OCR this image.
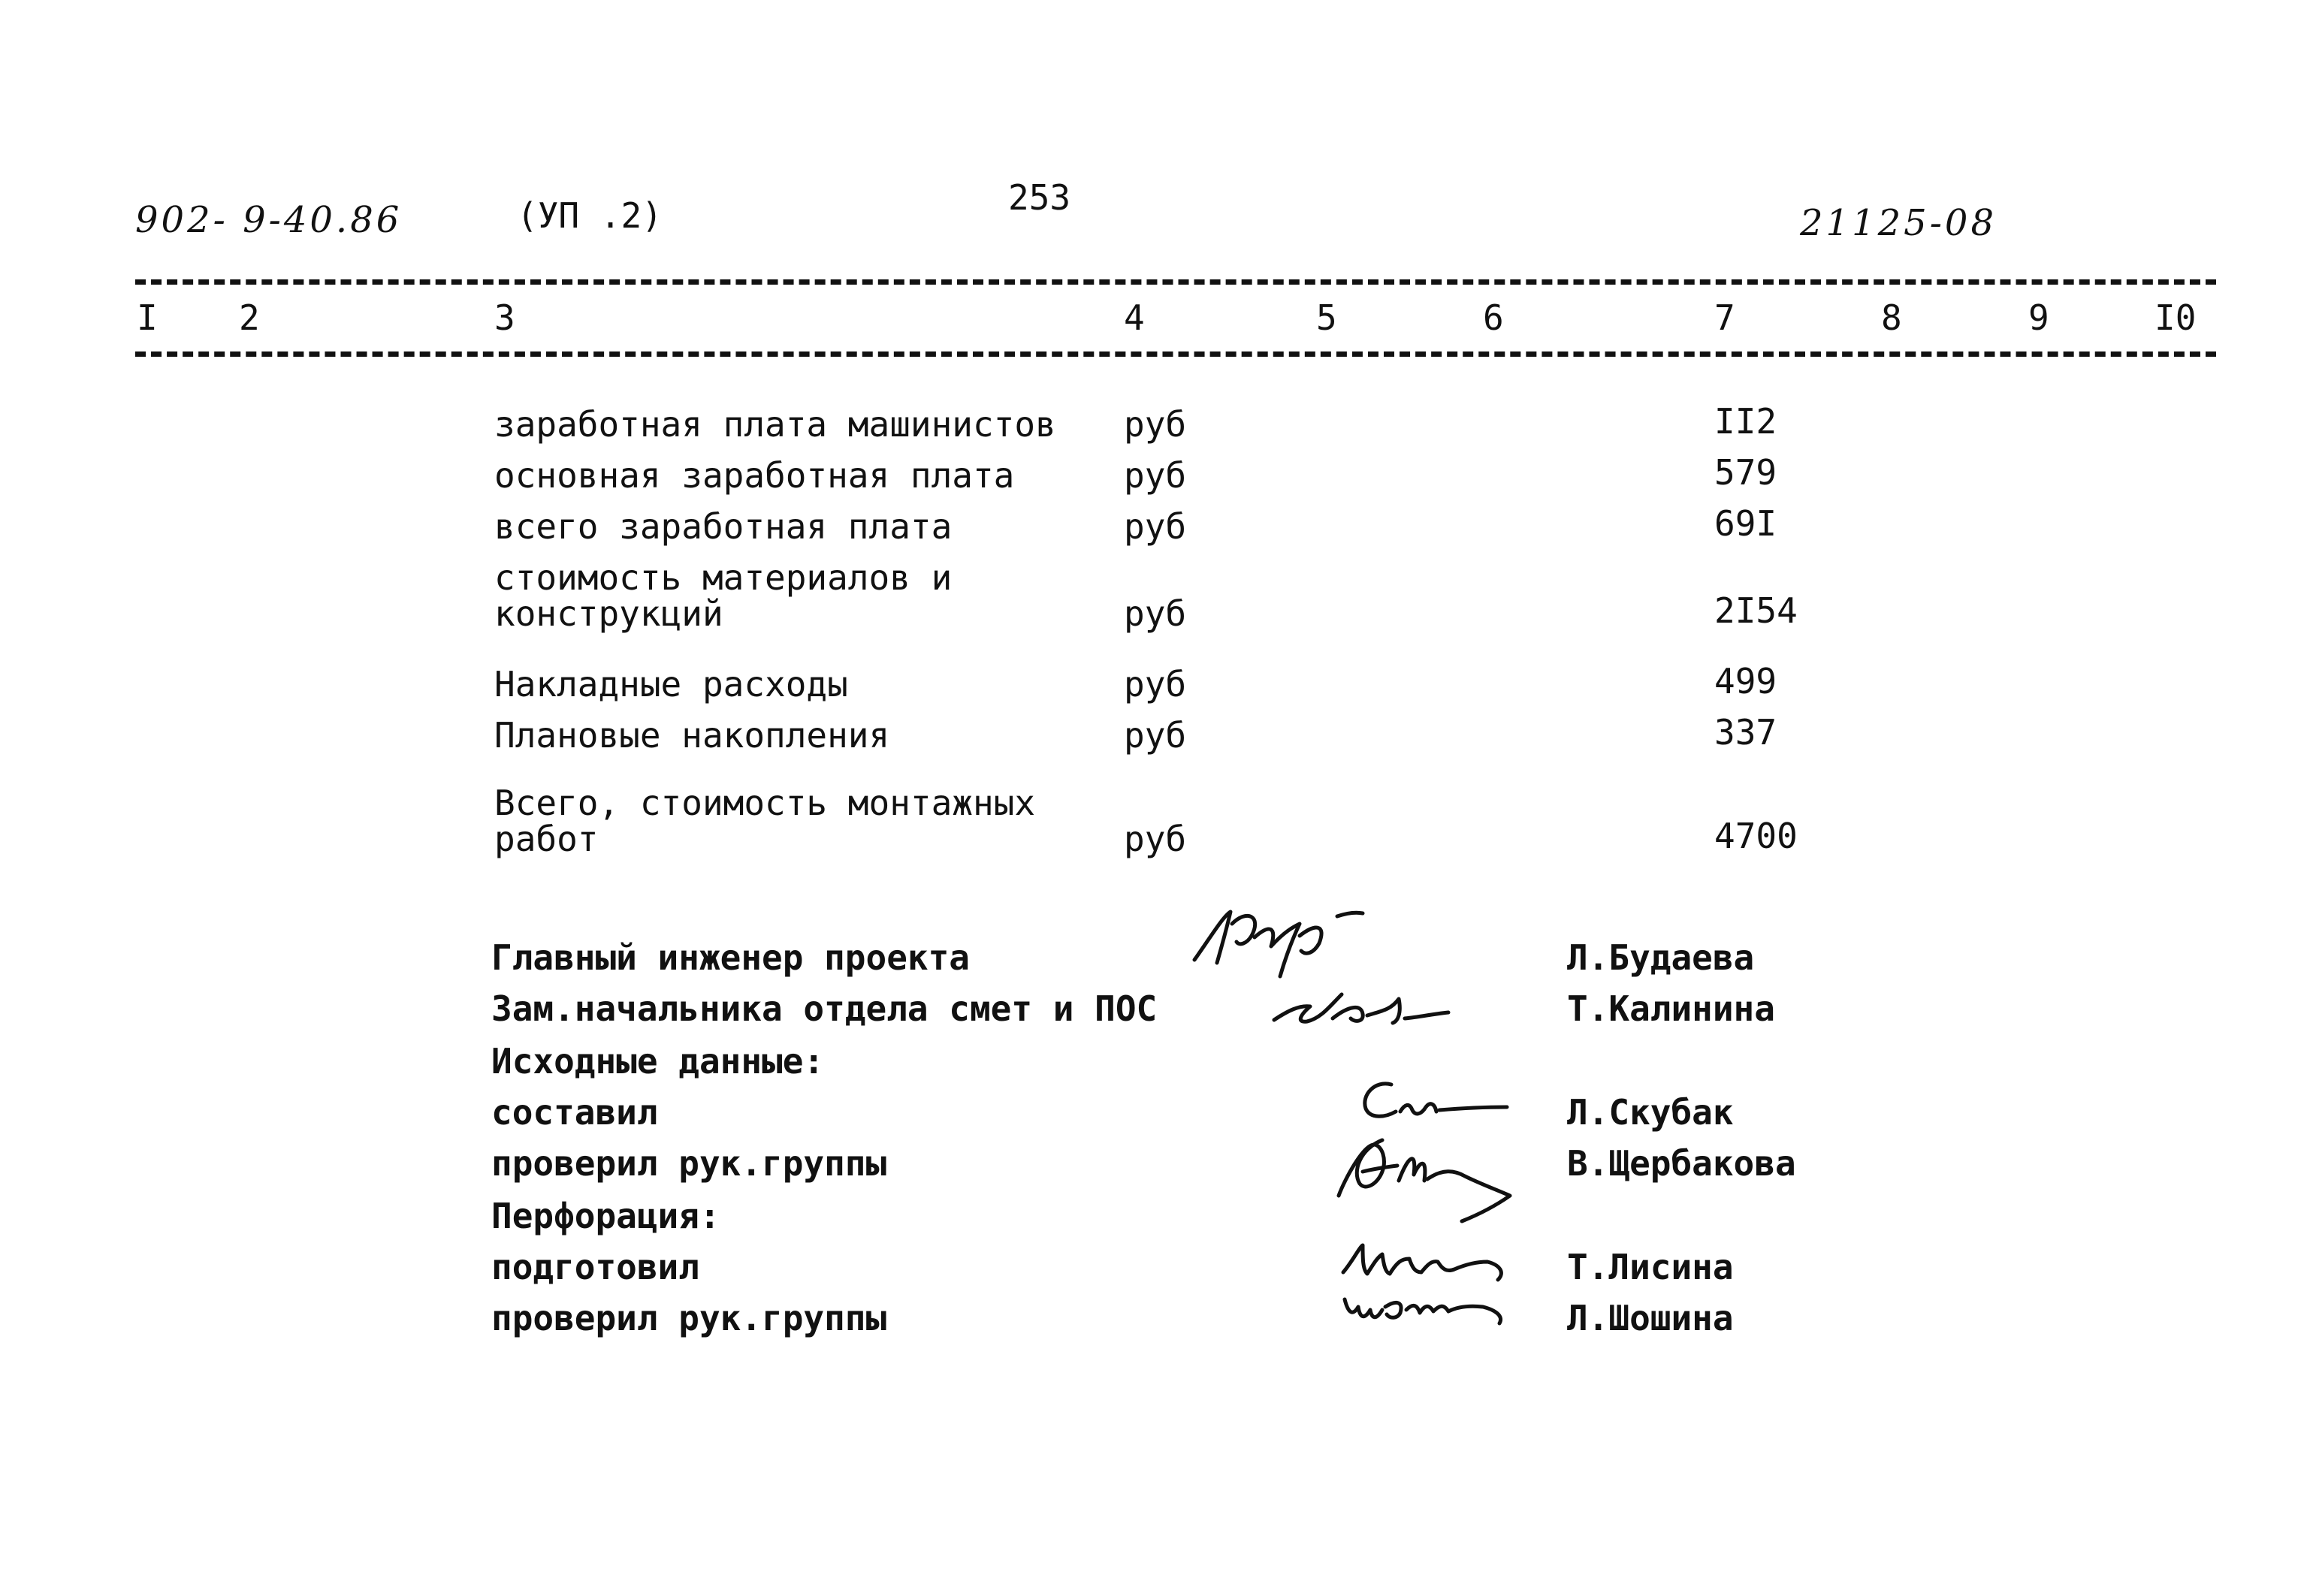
902- 9-40.86	(УП .2)	253
21125-08
I 2	3	4	5	6	7	8	9	I0
заработная плата машинистов руб	II2
основная заработная плата	руб	579
всего заработная плата	руб	69I
стоимость материалов и
конструкций	руб	2I54
Накладные расходы	руб	499
Плановые накопления	руб	337
Всего, стоимость монтажных
работ	руб	4700
Главный инженер проекта	Л.Будаева
Зам.начальника отдела смет и ПОС	Т.Калинина
Исходные данные:
составил	Л.Скубак
проверил рук.группы	В.Щербакова
Перфорация:
подготовил	Т.Лисина
проверил рук.группы	Л.Шошина
